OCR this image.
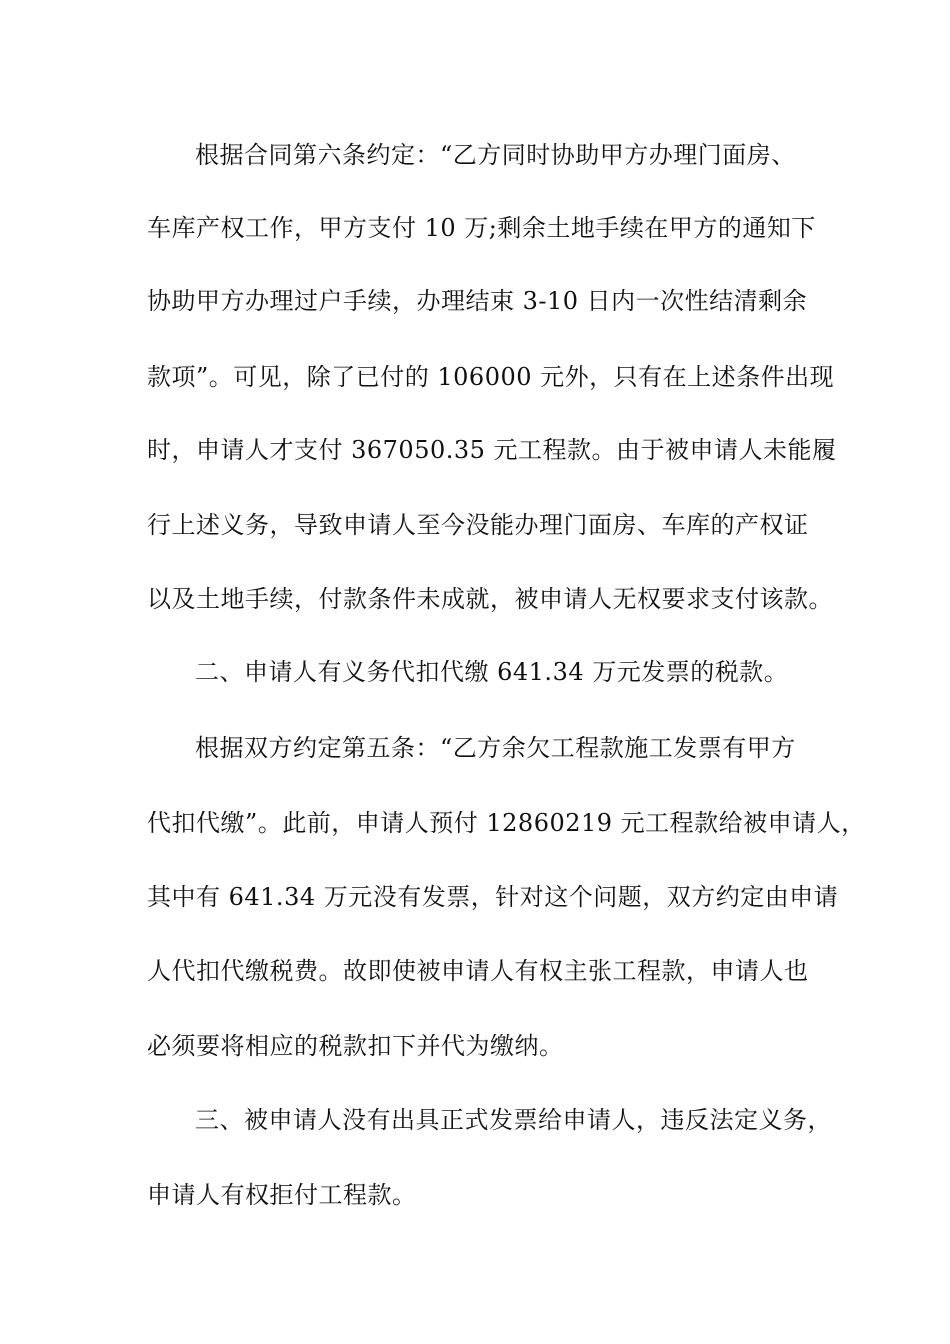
根据合同第六条约定：“乙方同时协助甲方办理门面房、
车库产权工作，甲方支付 10 万;剩余土地手续在甲方的通知下
协助甲方办理过户手续，办理结束 3-10 日内一次性结清剩余
款项”。可见，除了已付的 106000 元外，只有在上述条件出现
时，申请人才支付 367050.35 元工程款。由于被申请人未能履
行上述义务，导致申请人至今没能办理门面房、车库的产权证
以及土地手续，付款条件未成就，被申请人无权要求支付该款。
二、申请人有义务代扣代缴 641.34 万元发票的税款。
根据双方约定第五条：“乙方余欠工程款施工发票有甲方
代扣代缴”。此前，申请人预付 12860219 元工程款给被申请人，
其中有 641.34 万元没有发票，针对这个问题，双方约定由申请
人代扣代缴税费。故即使被申请人有权主张工程款，申请人也
必须要将相应的税款扣下并代为缴纳。
三、被申请人没有出具正式发票给申请人，违反法定义务，
申请人有权拒付工程款。
